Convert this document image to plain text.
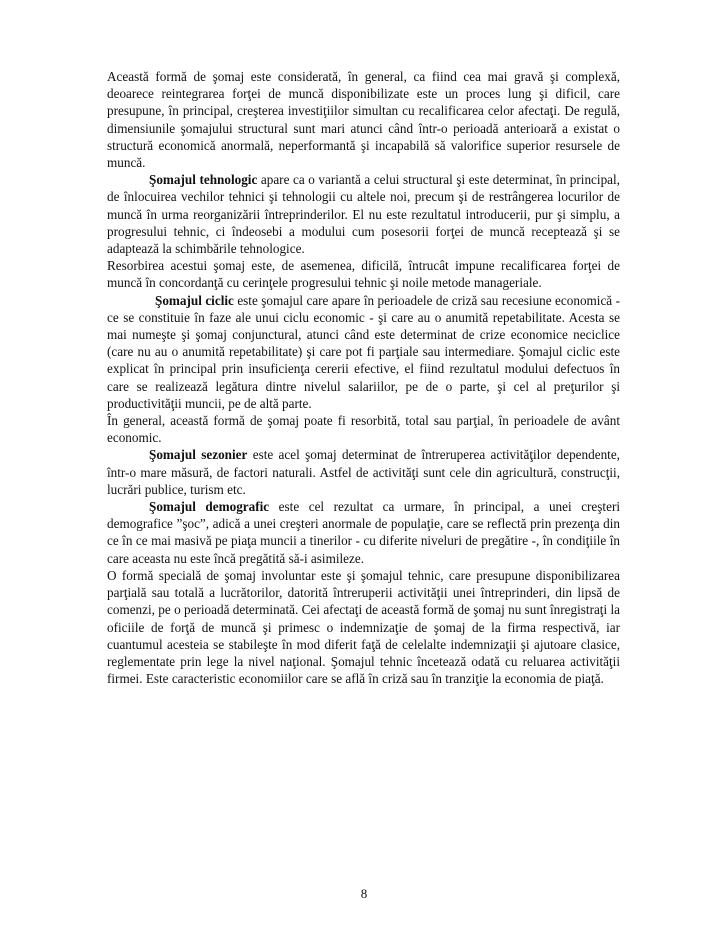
Această formă de şomaj este considerată, în general, ca fiind cea mai gravă şi complexă, deoarece reintegrarea forţei de muncă disponibilizate este un proces lung şi dificil, care presupune, în principal, creşterea investiţiilor simultan cu recalificarea celor afectaţi. De regulă, dimensiunile şomajului structural sunt mari atunci când într-o perioadă anterioară a existat o structură economică anormală, neperformantă şi incapabilă să valorifice superior resursele de muncă.

Şomajul tehnologic apare ca o variantă a celui structural şi este determinat, în principal, de înlocuirea vechilor tehnici şi tehnologii cu altele noi, precum şi de restrângerea locurilor de muncă în urma reorganizării întreprinderilor. El nu este rezultatul introducerii, pur şi simplu, a progresului tehnic, ci îndeosebi a modului cum posesorii forţei de muncă recepteazǎ şi se adaptează la schimbările tehnologice.

Resorbirea acestui şomaj este, de asemenea, dificilă, întrucât impune recalificarea forţei de muncă în concordanţă cu cerinţele progresului tehnic şi noile metode manageriale.

Şomajul ciclic este şomajul care apare în perioadele de criză sau recesiune economică - ce se constituie în faze ale unui ciclu economic - şi care au o anumită repetabilitate. Acesta se mai numeşte şi şomaj conjunctural, atunci când este determinat de crize economice neciclice (care nu au o anumită repetabilitate) şi care pot fi parţiale sau intermediare. Şomajul ciclic este explicat în principal prin insuficienţa cererii efective, el fiind rezultatul modului defectuos în care se realizează legătura dintre nivelul salariilor, pe de o parte, şi cel al preţurilor şi productivităţii muncii, pe de altă parte.

În general, această formă de şomaj poate fi resorbită, total sau parţial, în perioadele de avânt economic.

Şomajul sezonier este acel şomaj determinat de întreruperea activităţilor dependente, într-o mare măsură, de factori naturali. Astfel de activităţi sunt cele din agricultură, construcţii, lucrări publice, turism etc.

Şomajul demografic este cel rezultat ca urmare, în principal, a unei creşteri demografice ”şoc”, adică a unei creşteri anormale de populaţie, care se reflectă prin prezenţa din ce în ce mai masivă pe piaţa muncii a tinerilor - cu diferite niveluri de pregătire -, în condiţiile în care aceasta nu este încă pregătită să-i asimileze.

O formă specială de şomaj involuntar este şi şomajul tehnic, care presupune disponibilizarea parţială sau totală a lucrătorilor, datorită întreruperii activităţii unei întreprinderi, din lipsă de comenzi, pe o perioadă determinată. Cei afectaţi de această formă de şomaj nu sunt înregistraţi la oficiile de forţă de muncă şi primesc o indemnizaţie de şomaj de la firma respectivă, iar cuantumul acesteia se stabileşte în mod diferit faţă de celelalte indemnizaţii şi ajutoare clasice, reglementate prin lege la nivel naţional. Şomajul tehnic încetează odată cu reluarea activităţii firmei. Este caracteristic economiilor care se află în criză sau în tranziţie la economia de piaţă.

8
